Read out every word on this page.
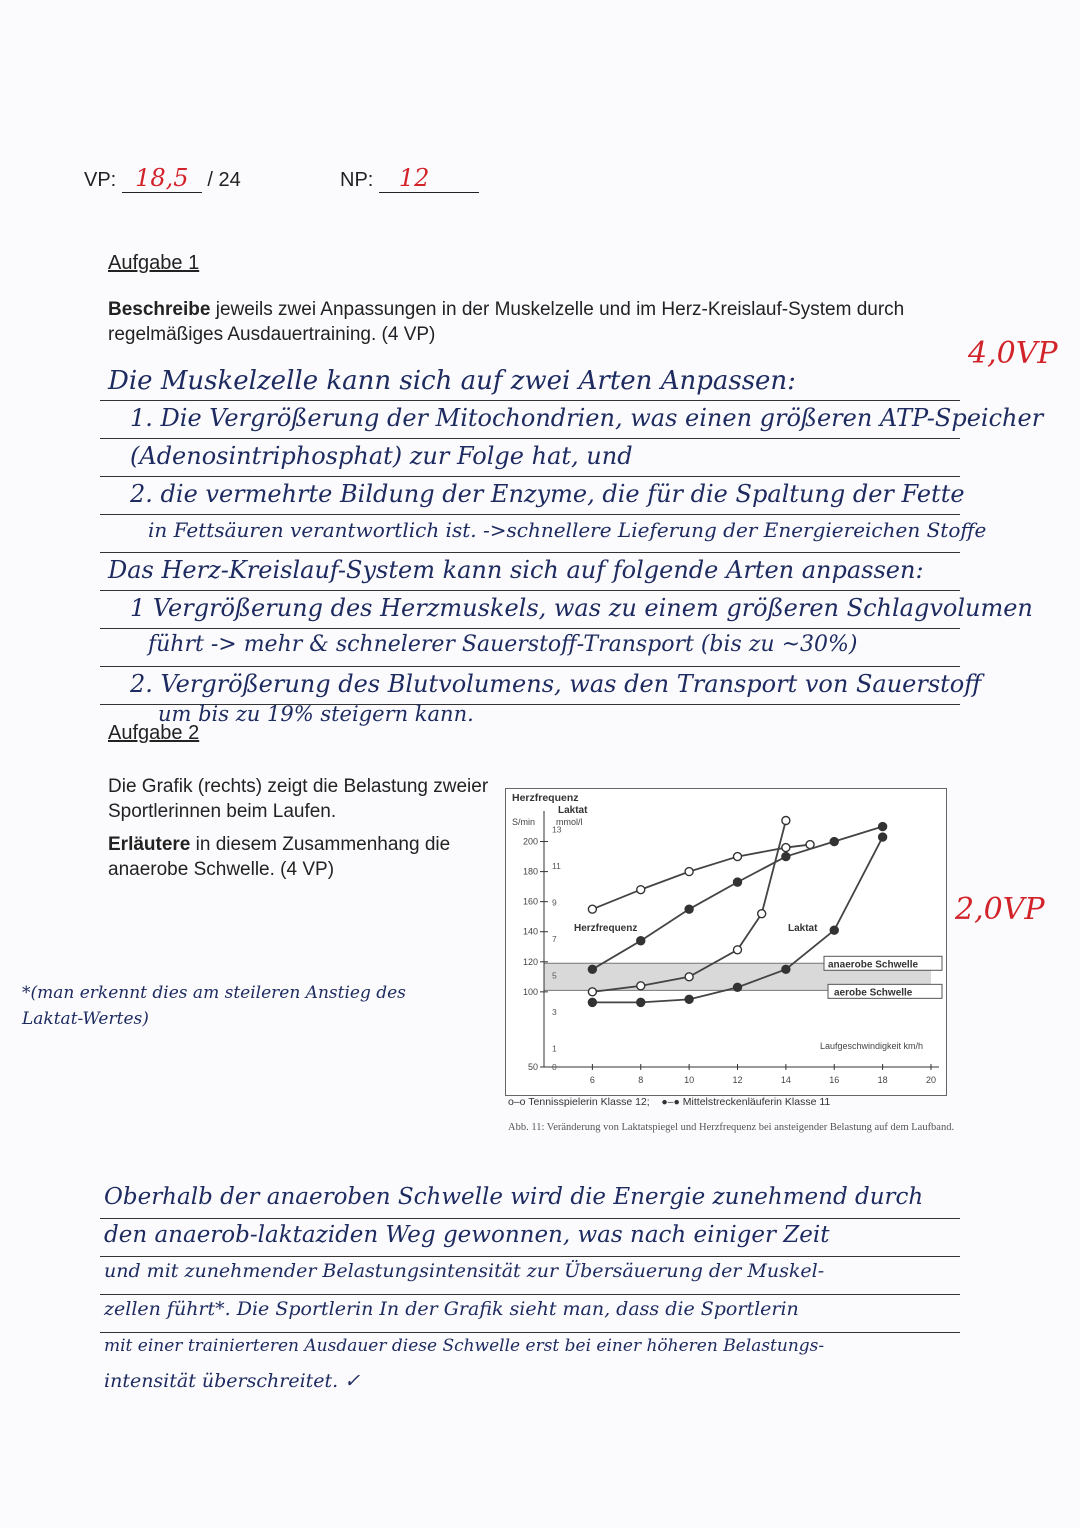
VP: 18,5 / 24	NP: 12
Aufgabe 1
Beschreibe jeweils zwei Anpassungen in der Muskelzelle und im Herz-Kreislauf-System durch regelmäßiges Ausdauertraining. (4 VP)
4,0VP
Die Muskelzelle kann sich auf zwei Arten Anpassen:
1. Die Vergrößerung der Mitochondrien, was einen größeren ATP-Speicher
(Adenosintriphosphat) zur Folge hat, und
2. die vermehrte Bildung der Enzyme, die für die Spaltung der Fette
in Fettsäuren verantwortlich ist. ->schnellere Lieferung der Energiereichen Stoffe
Das Herz-Kreislauf-System kann sich auf folgende Arten anpassen:
1 Vergrößerung des Herzmuskels, was zu einem größeren Schlagvolumen
führt -> mehr & schnelerer Sauerstoff-Transport (bis zu ~30%)
2. Vergrößerung des Blutvolumens, was den Transport von Sauerstoff
um bis zu 19% steigern kann.
Aufgabe 2
Die Grafik (rechts) zeigt die Belastung zweier Sportlerinnen beim Laufen.
Erläutere in diesem Zusammenhang die anaerobe Schwelle. (4 VP)
2,0VP
*(man erkennt dies am steileren Anstieg des Laktat-Wertes)
Herzfrequenz
Laktat
S/min mmol/l
200
180
160
140
120
100
50
13
11
9
7
5
3
1
0
6	8	10	12	14	16	18	20
Laufgeschwindigkeit km/h
Herzfrequenz	Laktat
anaerobe Schwelle
aerobe Schwelle
o–o Tennisspielerin Klasse 12; ●–● Mittelstreckenläuferin Klasse 11
Abb. 11: Veränderung von Laktatspiegel und Herzfrequenz bei ansteigender Belastung auf dem Laufband.
Oberhalb der anaeroben Schwelle wird die Energie zunehmend durch
den anaerob-laktaziden Weg gewonnen, was nach einiger Zeit
und mit zunehmender Belastungsintensität zur Übersäuerung der Muskel-
zellen führt*. Die Sportlerin In der Grafik sieht man, dass die Sportlerin
mit einer trainierteren Ausdauer diese Schwelle erst bei einer höheren Belastungs-
intensität überschreitet. ✓
